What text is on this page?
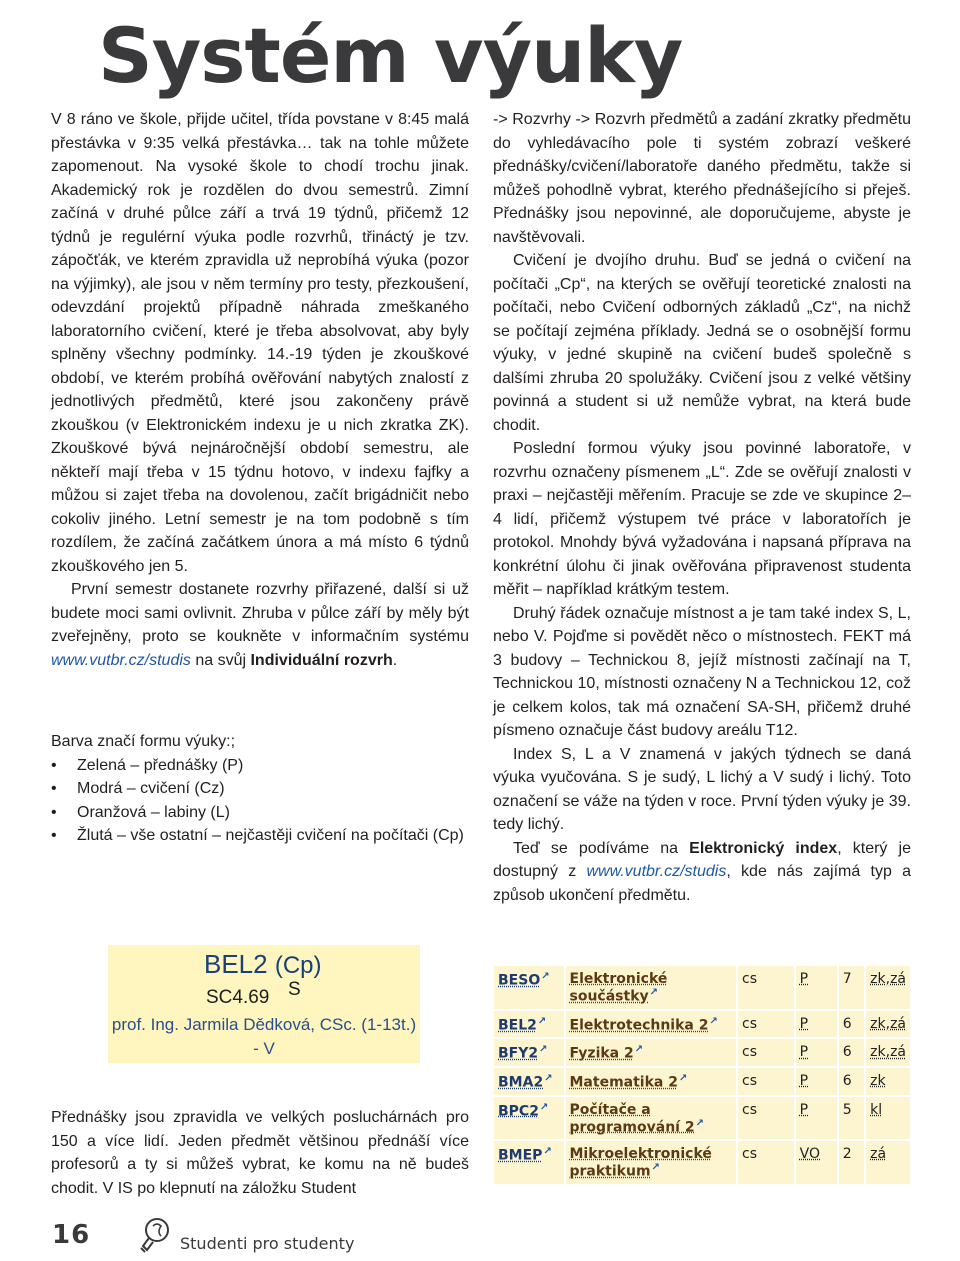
Systém výuky

V 8 ráno ve škole, přijde učitel, třída povstane v 8:45 malá přestávka v 9:35 velká přestávka… tak na tohle můžete zapomenout. Na vysoké škole to chodí trochu jinak. Akademický rok je rozdělen do dvou semestrů. Zimní začíná v druhé půlce září a trvá 19 týdnů, přičemž 12 týdnů je regulérní výuka podle rozvrhů, třináctý je tzv. zápočťák, ve kterém zpravidla už neprobíhá výuka (pozor na výjimky), ale jsou v něm termíny pro testy, přezkoušení, odevzdání projektů případně náhrada zmeškaného laboratorního cvičení, které je třeba absolvovat, aby byly splněny všechny podmínky. 14.-19 týden je zkouškové období, ve kterém probíhá ověřování nabytých znalostí z jednotlivých předmětů, které jsou zakončeny právě zkouškou (v Elektronickém indexu je u nich zkratka ZK). Zkouškové bývá nejnáročnější období semestru, ale někteří mají třeba v 15 týdnu hotovo, v indexu fajfky a můžou si zajet třeba na dovolenou, začít brigádničit nebo cokoliv jiného. Letní semestr je na tom podobně s tím rozdílem, že začíná začátkem února a má místo 6 týdnů zkouškového jen 5.

První semestr dostanete rozvrhy přiřazené, další si už budete moci sami ovlivnit. Zhruba v půlce září by měly být zveřejněny, proto se koukněte v informačním systému www.vutbr.cz/studis na svůj Individuální rozvrh.

Barva značí formu výuky:;

• Zelená – přednášky (P)
• Modrá – cvičení (Cz)
• Oranžová – labiny (L)
• Žlutá – vše ostatní – nejčastěji cvičení na počítači (Cp)
BEL2 (Cp)
SC4.69 S
prof. Ing. Jarmila Dědková, CSc. (1-13t.) - V

Přednášky jsou zpravidla ve velkých posluchárnách pro 150 a více lidí. Jeden předmět většinou přednáší více profesorů a ty si můžeš vybrat, ke komu na ně budeš chodit. V IS po klepnutí na záložku Student

-> Rozvrhy -> Rozvrh předmětů a zadání zkratky předmětu do vyhledávacího pole ti systém zobrazí veškeré přednášky/cvičení/laboratoře daného předmětu, takže si můžeš pohodlně vybrat, kterého přednášejícího si přeješ. Přednášky jsou nepovinné, ale doporučujeme, abyste je navštěvovali.

Cvičení je dvojího druhu. Buď se jedná o cvičení na počítači „Cp“, na kterých se ověřují teoretické znalosti na počítači, nebo Cvičení odborných základů „Cz“, na nichž se počítají zejména příklady. Jedná se o osobnější formu výuky, v jedné skupině na cvičení budeš společně s dalšími zhruba 20 spolužáky. Cvičení jsou z velké většiny povinná a student si už nemůže vybrat, na která bude chodit.

Poslední formou výuky jsou povinné laboratoře, v rozvrhu označeny písmenem „L“. Zde se ověřují znalosti v praxi – nejčastěji měřením. Pracuje se zde ve skupince 2–4 lidí, přičemž výstupem tvé práce v laboratořích je protokol. Mnohdy bývá vyžadována i napsaná příprava na konkrétní úlohu či jinak ověřována připravenost studenta měřit – například krátkým testem.

Druhý řádek označuje místnost a je tam také index S, L, nebo V. Pojďme si povědět něco o místnostech. FEKT má 3 budovy – Technickou 8, jejíž místnosti začínají na T, Technickou 10, místnosti označeny N a Technickou 12, což je celkem kolos, tak má označení SA-SH, přičemž druhé písmeno označuje část budovy areálu T12.

Index S, L a V znamená v jakých týdnech se daná výuka vyučována. S je sudý, L lichý a V sudý i lichý. Toto označení se váže na týden v roce. První týden výuky je 39. tedy lichý.

Teď se podíváme na Elektronický index, který je dostupný z www.vutbr.cz/studis, kde nás zajímá typ a způsob ukončení předmětu.

BESO↗	Elektronické součástky↗	cs	P	7	zk,zá
BEL2↗	Elektrotechnika 2↗	cs	P	6	zk,zá
BFY2↗	Fyzika 2↗	cs	P	6	zk,zá
BMA2↗	Matematika 2↗	cs	P	6	zk
BPC2↗	Počítače a programování 2↗	cs	P	5	kl
BMEP↗	Mikroelektronické praktikum↗	cs	VO	2	zá
16	Studenti pro studenty
